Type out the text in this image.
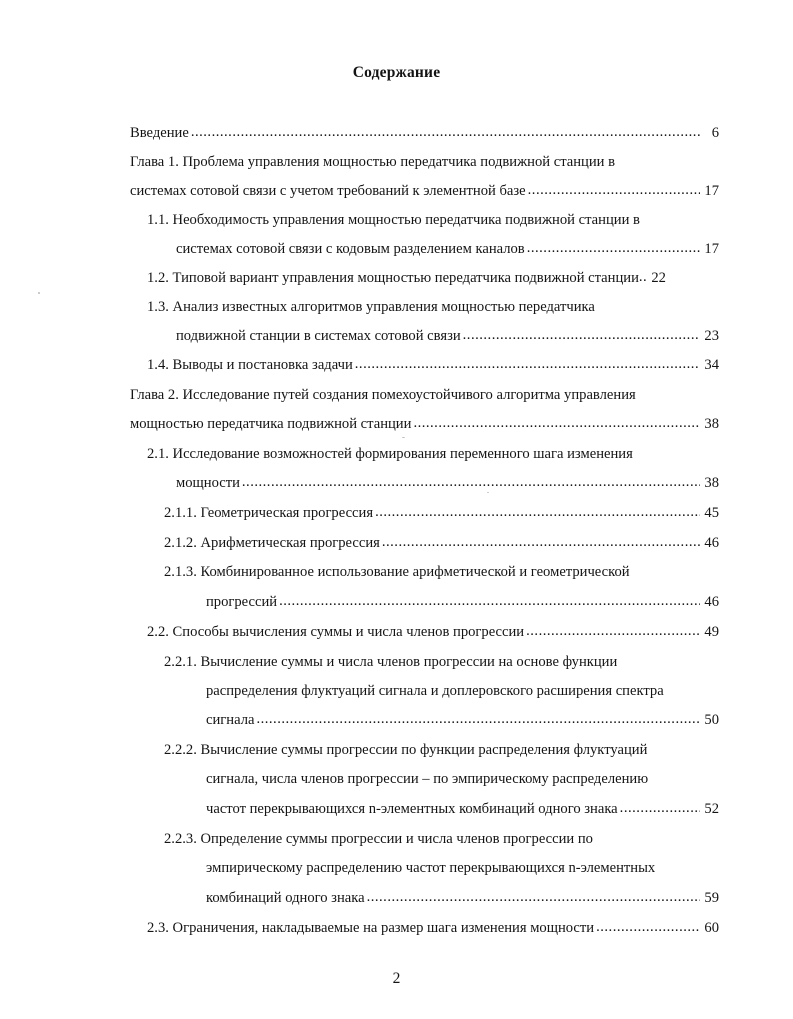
Содержание
Введение .....	6
Глава 1. Проблема управления мощностью передатчика подвижной станции в
системах сотовой связи с учетом требований к элементной базе .....	17
1.1. Необходимость управления мощностью передатчика подвижной станции в
системах сотовой связи с кодовым разделением каналов .....	17
1.2. Типовой вариант управления мощностью передатчика подвижной станции ..... 22
1.3. Анализ известных алгоритмов управления мощностью передатчика
подвижной станции в системах сотовой связи .....	23
1.4. Выводы и постановка задачи .....	34
Глава 2. Исследование путей создания помехоустойчивого алгоритма управления
мощностью передатчика подвижной станции .....	38
2.1. Исследование возможностей формирования переменного шага изменения
мощности .....	38
2.1.1. Геометрическая прогрессия .....	45
2.1.2. Арифметическая прогрессия .....	46
2.1.3. Комбинированное использование арифметической и геометрической
прогрессий .....	46
2.2. Способы вычисления суммы и числа членов прогрессии .....	49
2.2.1. Вычисление суммы и числа членов прогрессии на основе функции
распределения флуктуаций сигнала и доплеровского расширения спектра
сигнала .....	50
2.2.2. Вычисление суммы прогрессии по функции распределения флуктуаций
сигнала, числа членов прогрессии – по эмпирическому распределению
частот перекрывающихся n-элементных комбинаций одного знака .....	52
2.2.3. Определение суммы прогрессии и числа членов прогрессии по
эмпирическому распределению частот перекрывающихся n-элементных
комбинаций одного знака .....	59
2.3. Ограничения, накладываемые на размер шага изменения мощности .....	60
2
